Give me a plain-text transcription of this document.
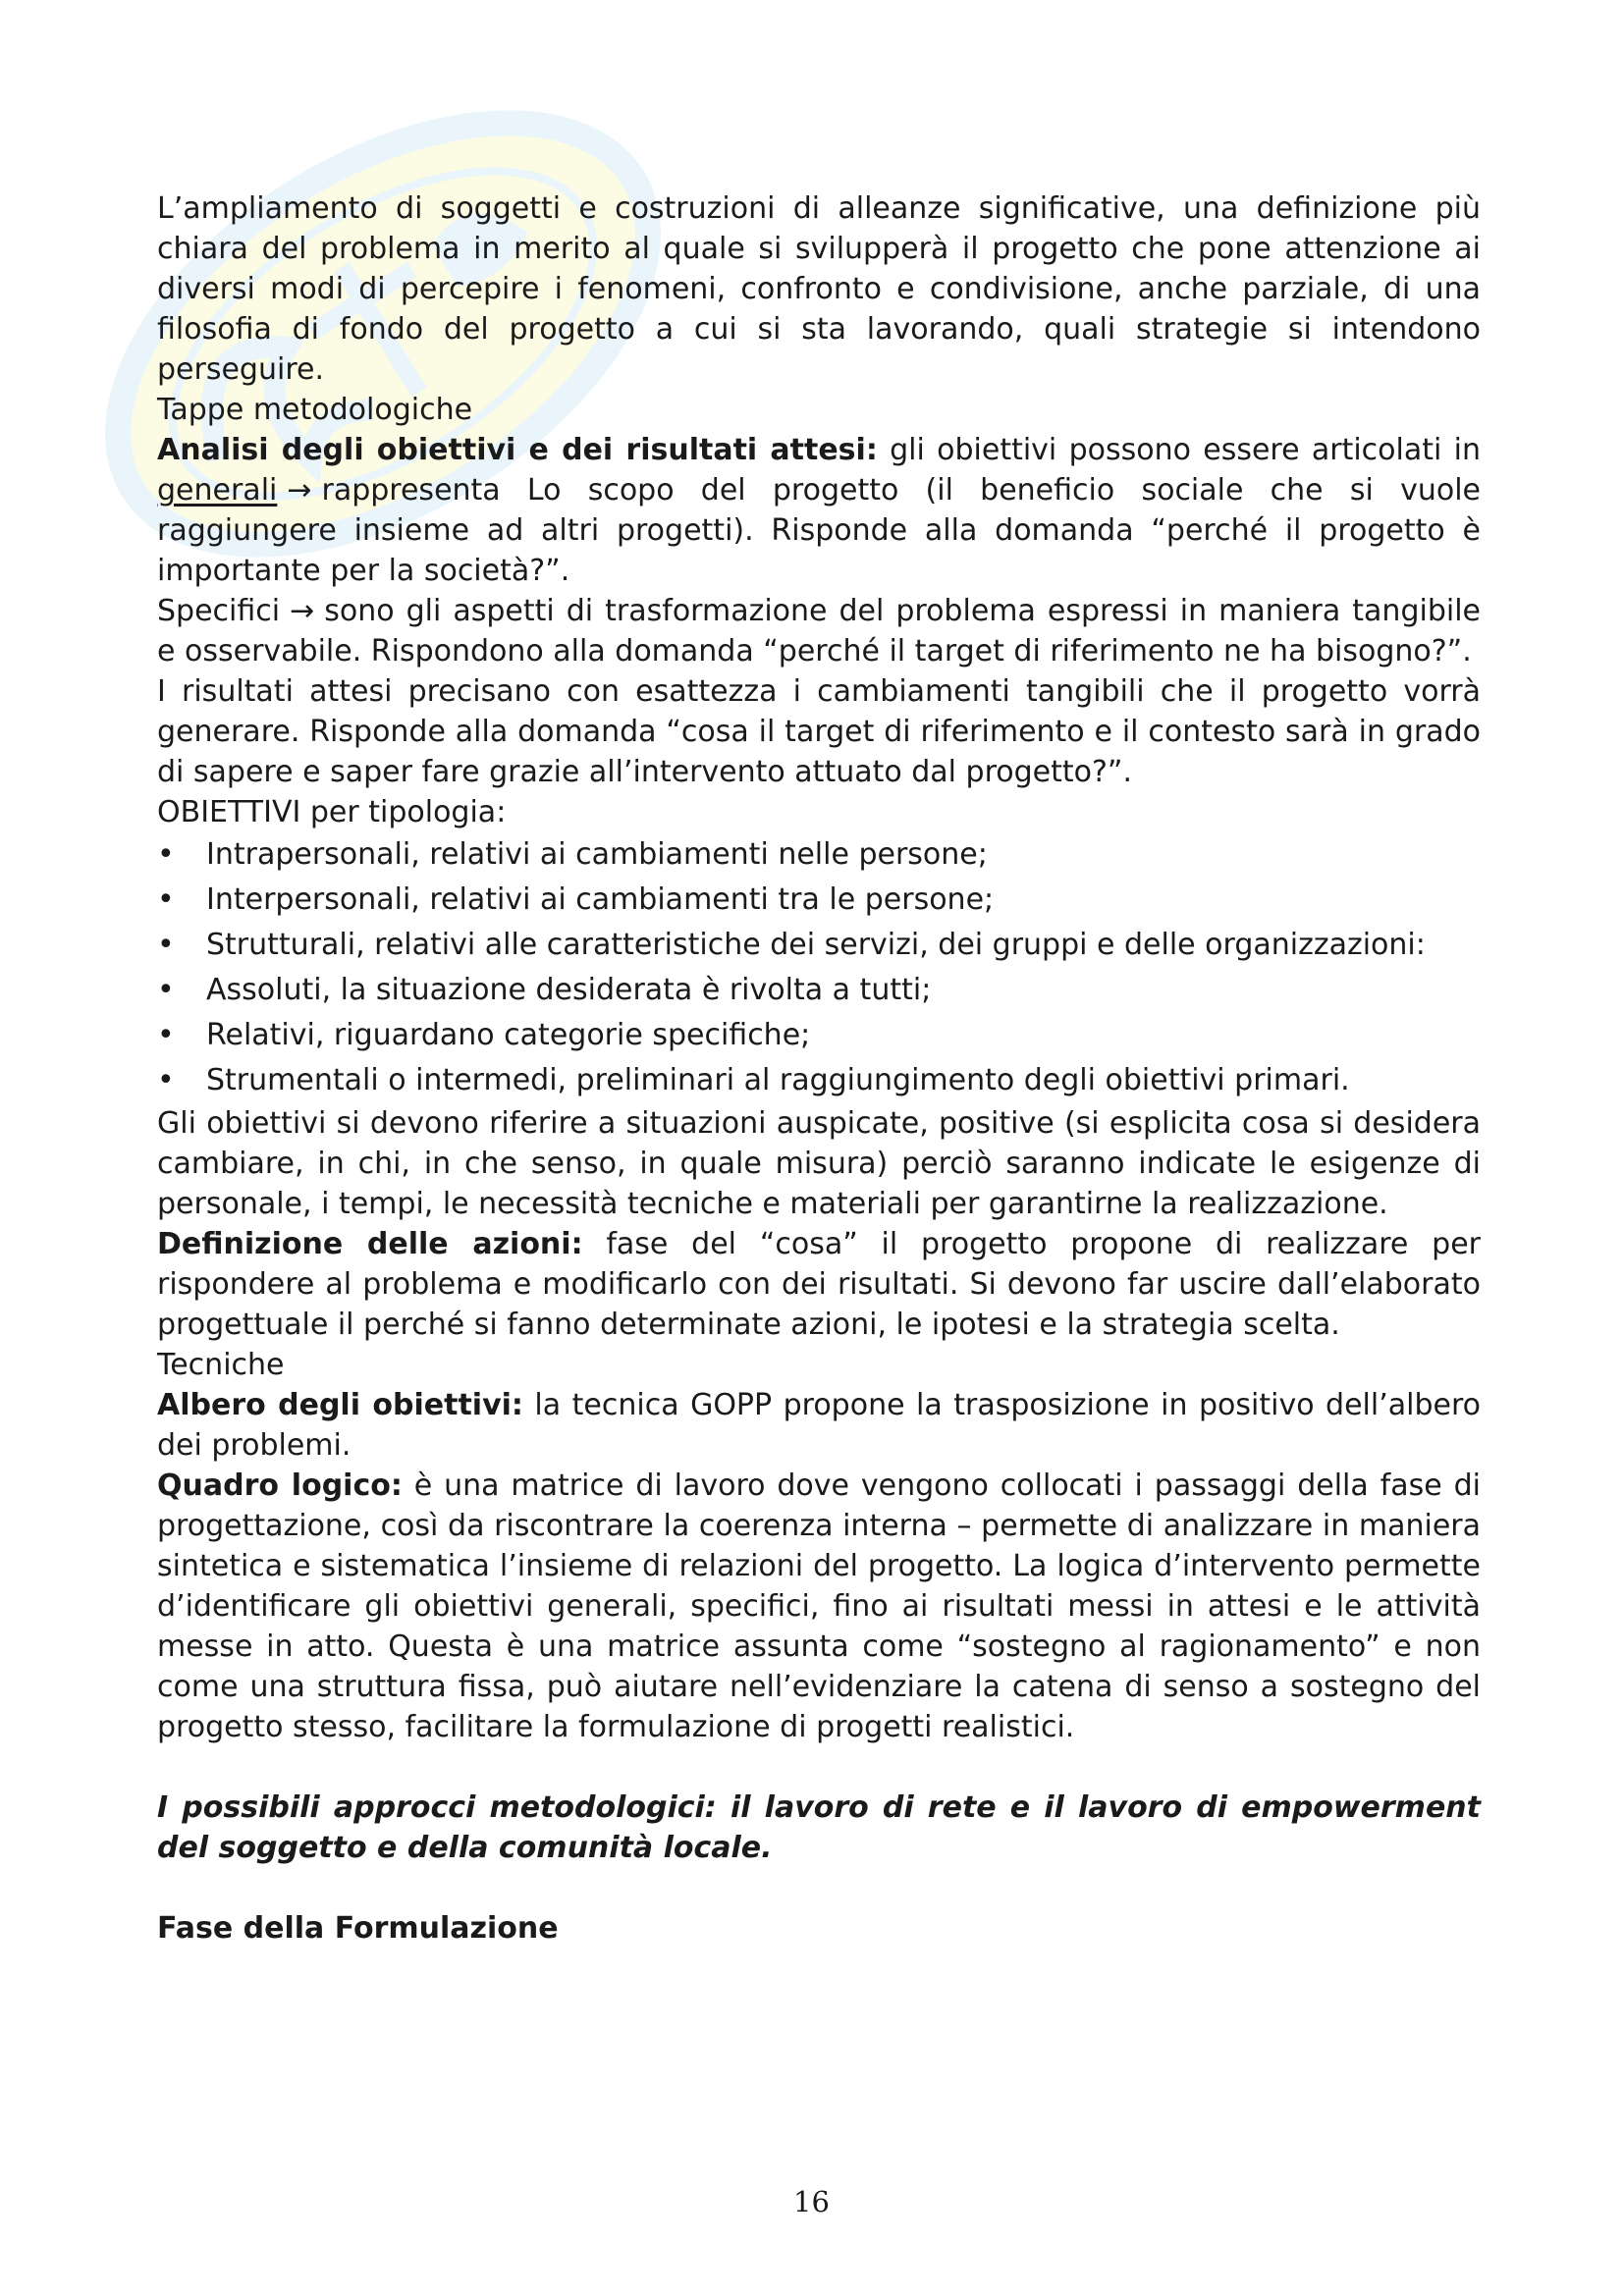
L’ampliamento di soggetti e costruzioni di alleanze significative, una definizione più chiara del problema in merito al quale si svilupperà il progetto che pone attenzione ai diversi modi di percepire i fenomeni, confronto e condivisione, anche parziale, di una filosofia di fondo del progetto a cui si sta lavorando, quali strategie si intendono perseguire.

Tappe metodologiche

Analisi degli obiettivi e dei risultati attesi: gli obiettivi possono essere articolati in generali → rappresenta Lo scopo del progetto (il beneficio sociale che si vuole raggiungere insieme ad altri progetti). Risponde alla domanda “perché il progetto è importante per la società?”.

Specifici → sono gli aspetti di trasformazione del problema espressi in maniera tangibile e osservabile. Rispondono alla domanda “perché il target di riferimento ne ha bisogno?”.

I risultati attesi precisano con esattezza i cambiamenti tangibili che il progetto vorrà generare. Risponde alla domanda “cosa il target di riferimento e il contesto sarà in grado di sapere e saper fare grazie all’intervento attuato dal progetto?”.

OBIETTIVI per tipologia:

• Intrapersonali, relativi ai cambiamenti nelle persone;
• Interpersonali, relativi ai cambiamenti tra le persone;
• Strutturali, relativi alle caratteristiche dei servizi, dei gruppi e delle organizzazioni:
• Assoluti, la situazione desiderata è rivolta a tutti;
• Relativi, riguardano categorie specifiche;
• Strumentali o intermedi, preliminari al raggiungimento degli obiettivi primari.

Gli obiettivi si devono riferire a situazioni auspicate, positive (si esplicita cosa si desidera cambiare, in chi, in che senso, in quale misura) perciò saranno indicate le esigenze di personale, i tempi, le necessità tecniche e materiali per garantirne la realizzazione.

Definizione delle azioni: fase del “cosa” il progetto propone di realizzare per rispondere al problema e modificarlo con dei risultati. Si devono far uscire dall’elaborato progettuale il perché si fanno determinate azioni, le ipotesi e la strategia scelta.

Tecniche

Albero degli obiettivi: la tecnica GOPP propone la trasposizione in positivo dell’albero dei problemi.

Quadro logico: è una matrice di lavoro dove vengono collocati i passaggi della fase di progettazione, così da riscontrare la coerenza interna – permette di analizzare in maniera sintetica e sistematica l’insieme di relazioni del progetto. La logica d’intervento permette d’identificare gli obiettivi generali, specifici, fino ai risultati messi in attesi e le attività messe in atto. Questa è una matrice assunta come “sostegno al ragionamento” e non come una struttura fissa, può aiutare nell’evidenziare la catena di senso a sostegno del progetto stesso, facilitare la formulazione di progetti realistici.

I possibili approcci metodologici: il lavoro di rete e il lavoro di empowerment del soggetto e della comunità locale.

Fase della Formulazione

16
